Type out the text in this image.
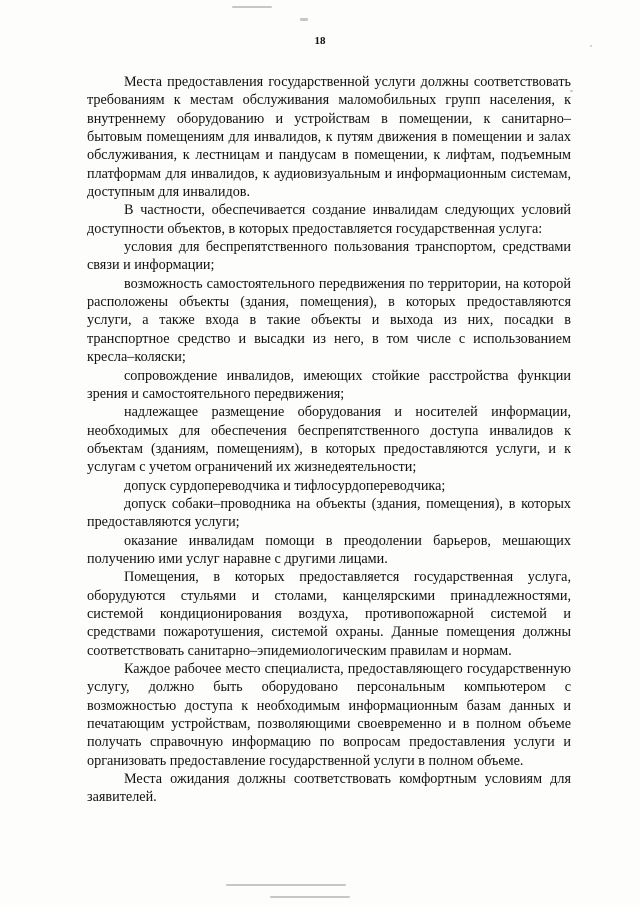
18

Места предоставления государственной услуги должны соответствовать требованиям к местам обслуживания маломобильных групп населения, к внутреннему оборудованию и устройствам в помещении, к санитарно–бытовым помещениям для инвалидов, к путям движения в помещении и залах обслуживания, к лестницам и пандусам в помещении, к лифтам, подъемным платформам для инвалидов, к аудиовизуальным и информационным системам, доступным для инвалидов.

В частности, обеспечивается создание инвалидам следующих условий доступности объектов, в которых предоставляется государственная услуга:

условия для беспрепятственного пользования транспортом, средствами связи и информации;

возможность самостоятельного передвижения по территории, на которой расположены объекты (здания, помещения), в которых предоставляются услуги, а также входа в такие объекты и выхода из них, посадки в транспортное средство и высадки из него, в том числе с использованием кресла–коляски;

сопровождение инвалидов, имеющих стойкие расстройства функции зрения и самостоятельного передвижения;

надлежащее размещение оборудования и носителей информации, необходимых для обеспечения беспрепятственного доступа инвалидов к объектам (зданиям, помещениям), в которых предоставляются услуги, и к услугам с учетом ограничений их жизнедеятельности;

допуск сурдопереводчика и тифлосурдопереводчика;

допуск собаки–проводника на объекты (здания, помещения), в которых предоставляются услуги;

оказание инвалидам помощи в преодолении барьеров, мешающих получению ими услуг наравне с другими лицами.

Помещения, в которых предоставляется государственная услуга, оборудуются стульями и столами, канцелярскими принадлежностями, системой кондиционирования воздуха, противопожарной системой и средствами пожаротушения, системой охраны. Данные помещения должны соответствовать санитарно–эпидемиологическим правилам и нормам.

Каждое рабочее место специалиста, предоставляющего государственную услугу, должно быть оборудовано персональным компьютером с возможностью доступа к необходимым информационным базам данных и печатающим устройствам, позволяющими своевременно и в полном объеме получать справочную информацию по вопросам предоставления услуги и организовать предоставление государственной услуги в полном объеме.

Места ожидания должны соответствовать комфортным условиям для заявителей.
